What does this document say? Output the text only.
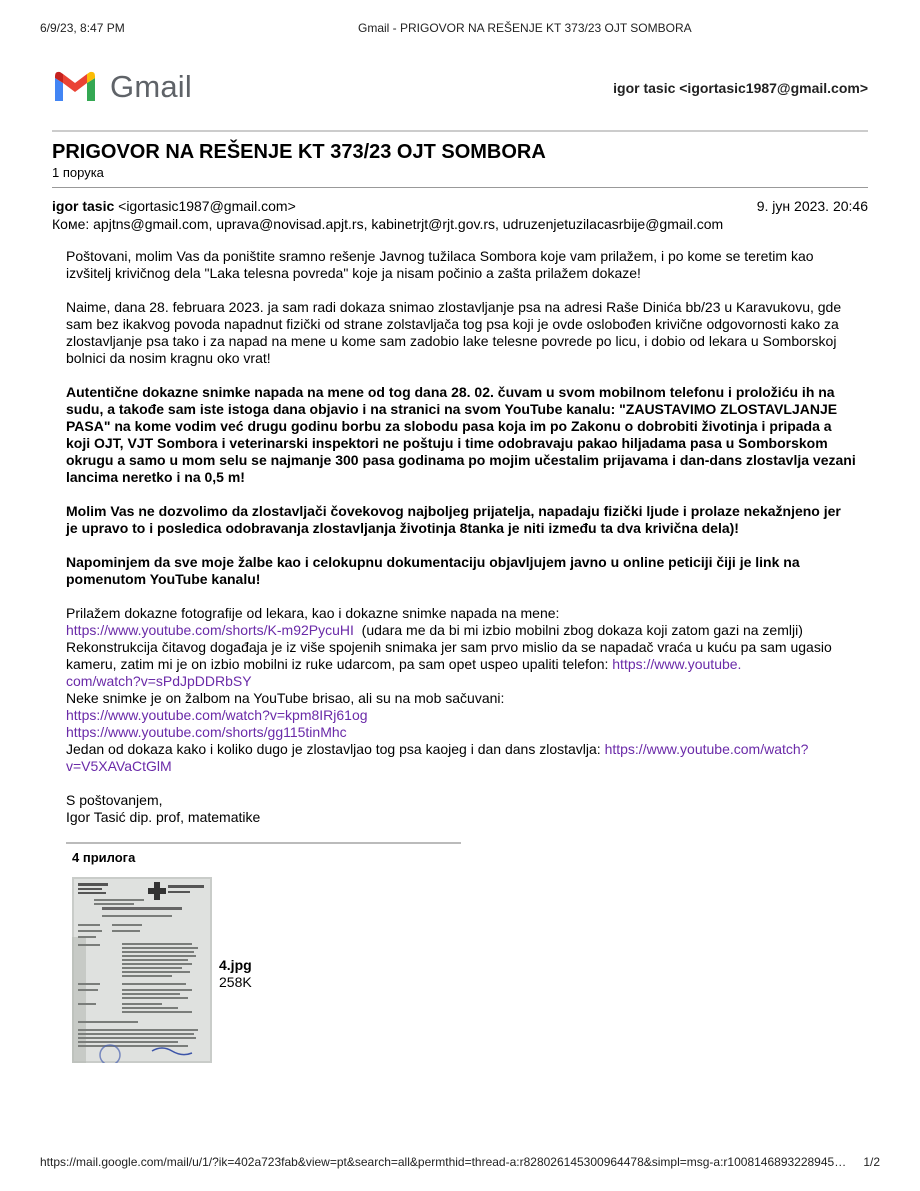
6/9/23, 8:47 PM	Gmail - PRIGOVOR NA REŠENJE KT 373/23 OJT SOMBORA
Gmail	igor tasic <igortasic1987@gmail.com>
PRIGOVOR NA REŠENJE KT 373/23 OJT SOMBORA
1 порука
igor tasic <igortasic1987@gmail.com>	9. јун 2023. 20:46
Коме: apjtns@gmail.com, uprava@novisad.apjt.rs, kabinetrjt@rjt.gov.rs, udruzenjetuzilacasrbije@gmail.com

Poštovani, molim Vas da poništite sramno rešenje Javnog tužilaca Sombora koje vam prilažem, i po kome se teretim kao izvšitelj krivičnog dela "Laka telesna povreda" koje ja nisam počinio a zašta prilažem dokaze!

Naime, dana 28. februara 2023. ja sam radi dokaza snimao zlostavljanje psa na adresi Raše Dinića bb/23 u Karavukovu, gde sam bez ikakvog povoda napadnut fizički od strane zolstavljača tog psa koji je ovde oslobođen krivične odgovornosti kako za zlostavljanje psa tako i za napad na mene u kome sam zadobio lake telesne povrede po licu, i dobio od lekara u Somborskoj bolnici da nosim kragnu oko vrat!

Autentične dokazne snimke napada na mene od tog dana 28. 02. čuvam u svom mobilnom telefonu i proložiću ih na sudu, a takođe sam iste istoga dana objavio i na stranici na svom YouTube kanalu: "ZAUSTAVIMO ZLOSTAVLJANJE PASA" na kome vodim već drugu godinu borbu za slobodu pasa koja im po Zakonu o dobrobiti životinja i pripada a koji OJT, VJT Sombora i veterinarski inspektori ne poštuju i time odobravaju pakao hiljadama pasa u Somborskom okrugu a samo u mom selu se najmanje 300 pasa godinama po mojim učestalim prijavama i dan-dans zlostavlja vezani lancima neretko i na 0,5 m!

Molim Vas ne dozvolimo da zlostavljači čovekovog najboljeg prijatelja, napadaju fizički ljude i prolaze nekažnjeno jer je upravo to i posledica odobravanja zlostavljanja životinja 8tanka je niti između ta dva krivična dela)!

Napominjem da sve moje žalbe kao i celokupnu dokumentaciju objavljujem javno u online peticiji čiji je link na pomenutom YouTube kanalu!

Prilažem dokazne fotografije od lekara, kao i dokazne snimke napada na mene:
https://www.youtube.com/shorts/K-m92PycuHI  (udara me da bi mi izbio mobilni zbog dokaza koji zatom gazi na zemlji)
Rekonstrukcija čitavog događaja je iz više spojenih snimaka jer sam prvo mislio da se napadač vraća u kuću pa sam ugasio kameru, zatim mi je on izbio mobilni iz ruke udarcom, pa sam opet uspeo upaliti telefon: https://www.youtube.
com/watch?v=sPdJpDDRbSY
Neke snimke je on žalbom na YouTube brisao, ali su na mob sačuvani:
https://www.youtube.com/watch?v=kpm8IRj61og
https://www.youtube.com/shorts/gg115tinMhc
Jedan od dokaza kako i koliko dugo je zlostavljao tog psa kaojeg i dan dans zlostavlja: https://www.youtube.com/watch?
v=V5XAVaCtGlM

S poštovanjem,
Igor Tasić dip. prof, matematike

4 прилога
4.jpg
258K
https://mail.google.com/mail/u/1/?ik=402a723fab&view=pt&search=all&permthid=thread-a:r828026145300964478&simpl=msg-a:r1008146893228945…	1/2
